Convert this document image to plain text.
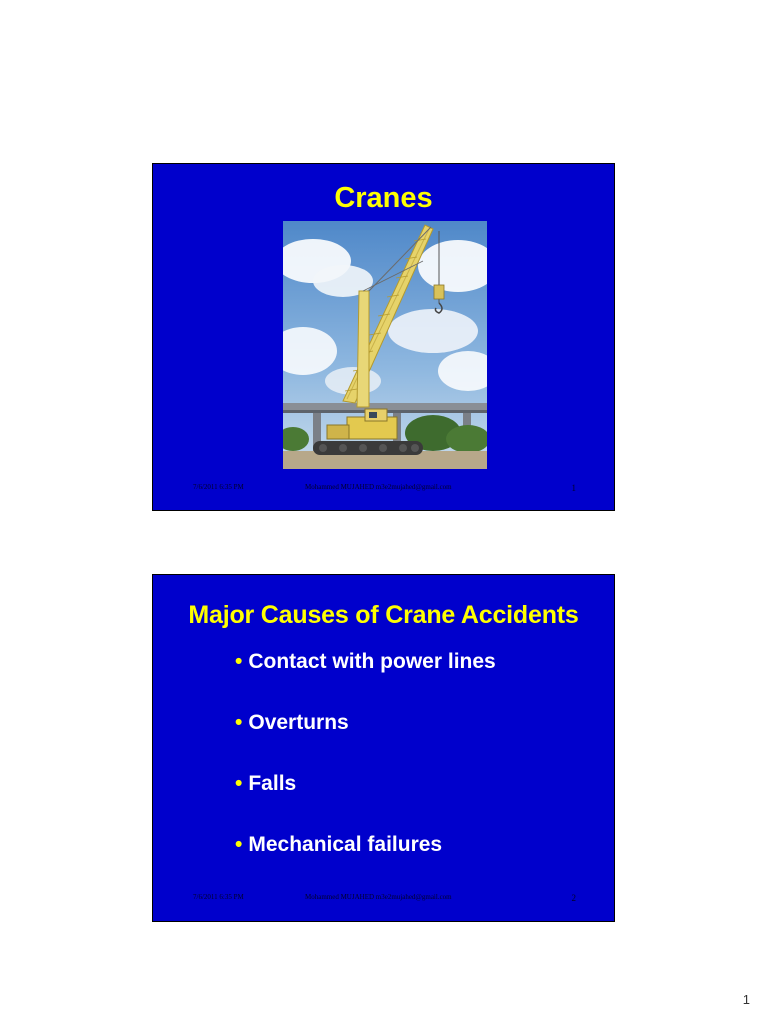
Cranes
7/6/2011 6:35 PM	Mohammed MUJAHED m3e2mujahed@gmail.com	1
Major Causes of Crane Accidents
• Contact with power lines
• Overturns
• Falls
• Mechanical failures
7/6/2011 6:35 PM	Mohammed MUJAHED m3e2mujahed@gmail.com	2
1
